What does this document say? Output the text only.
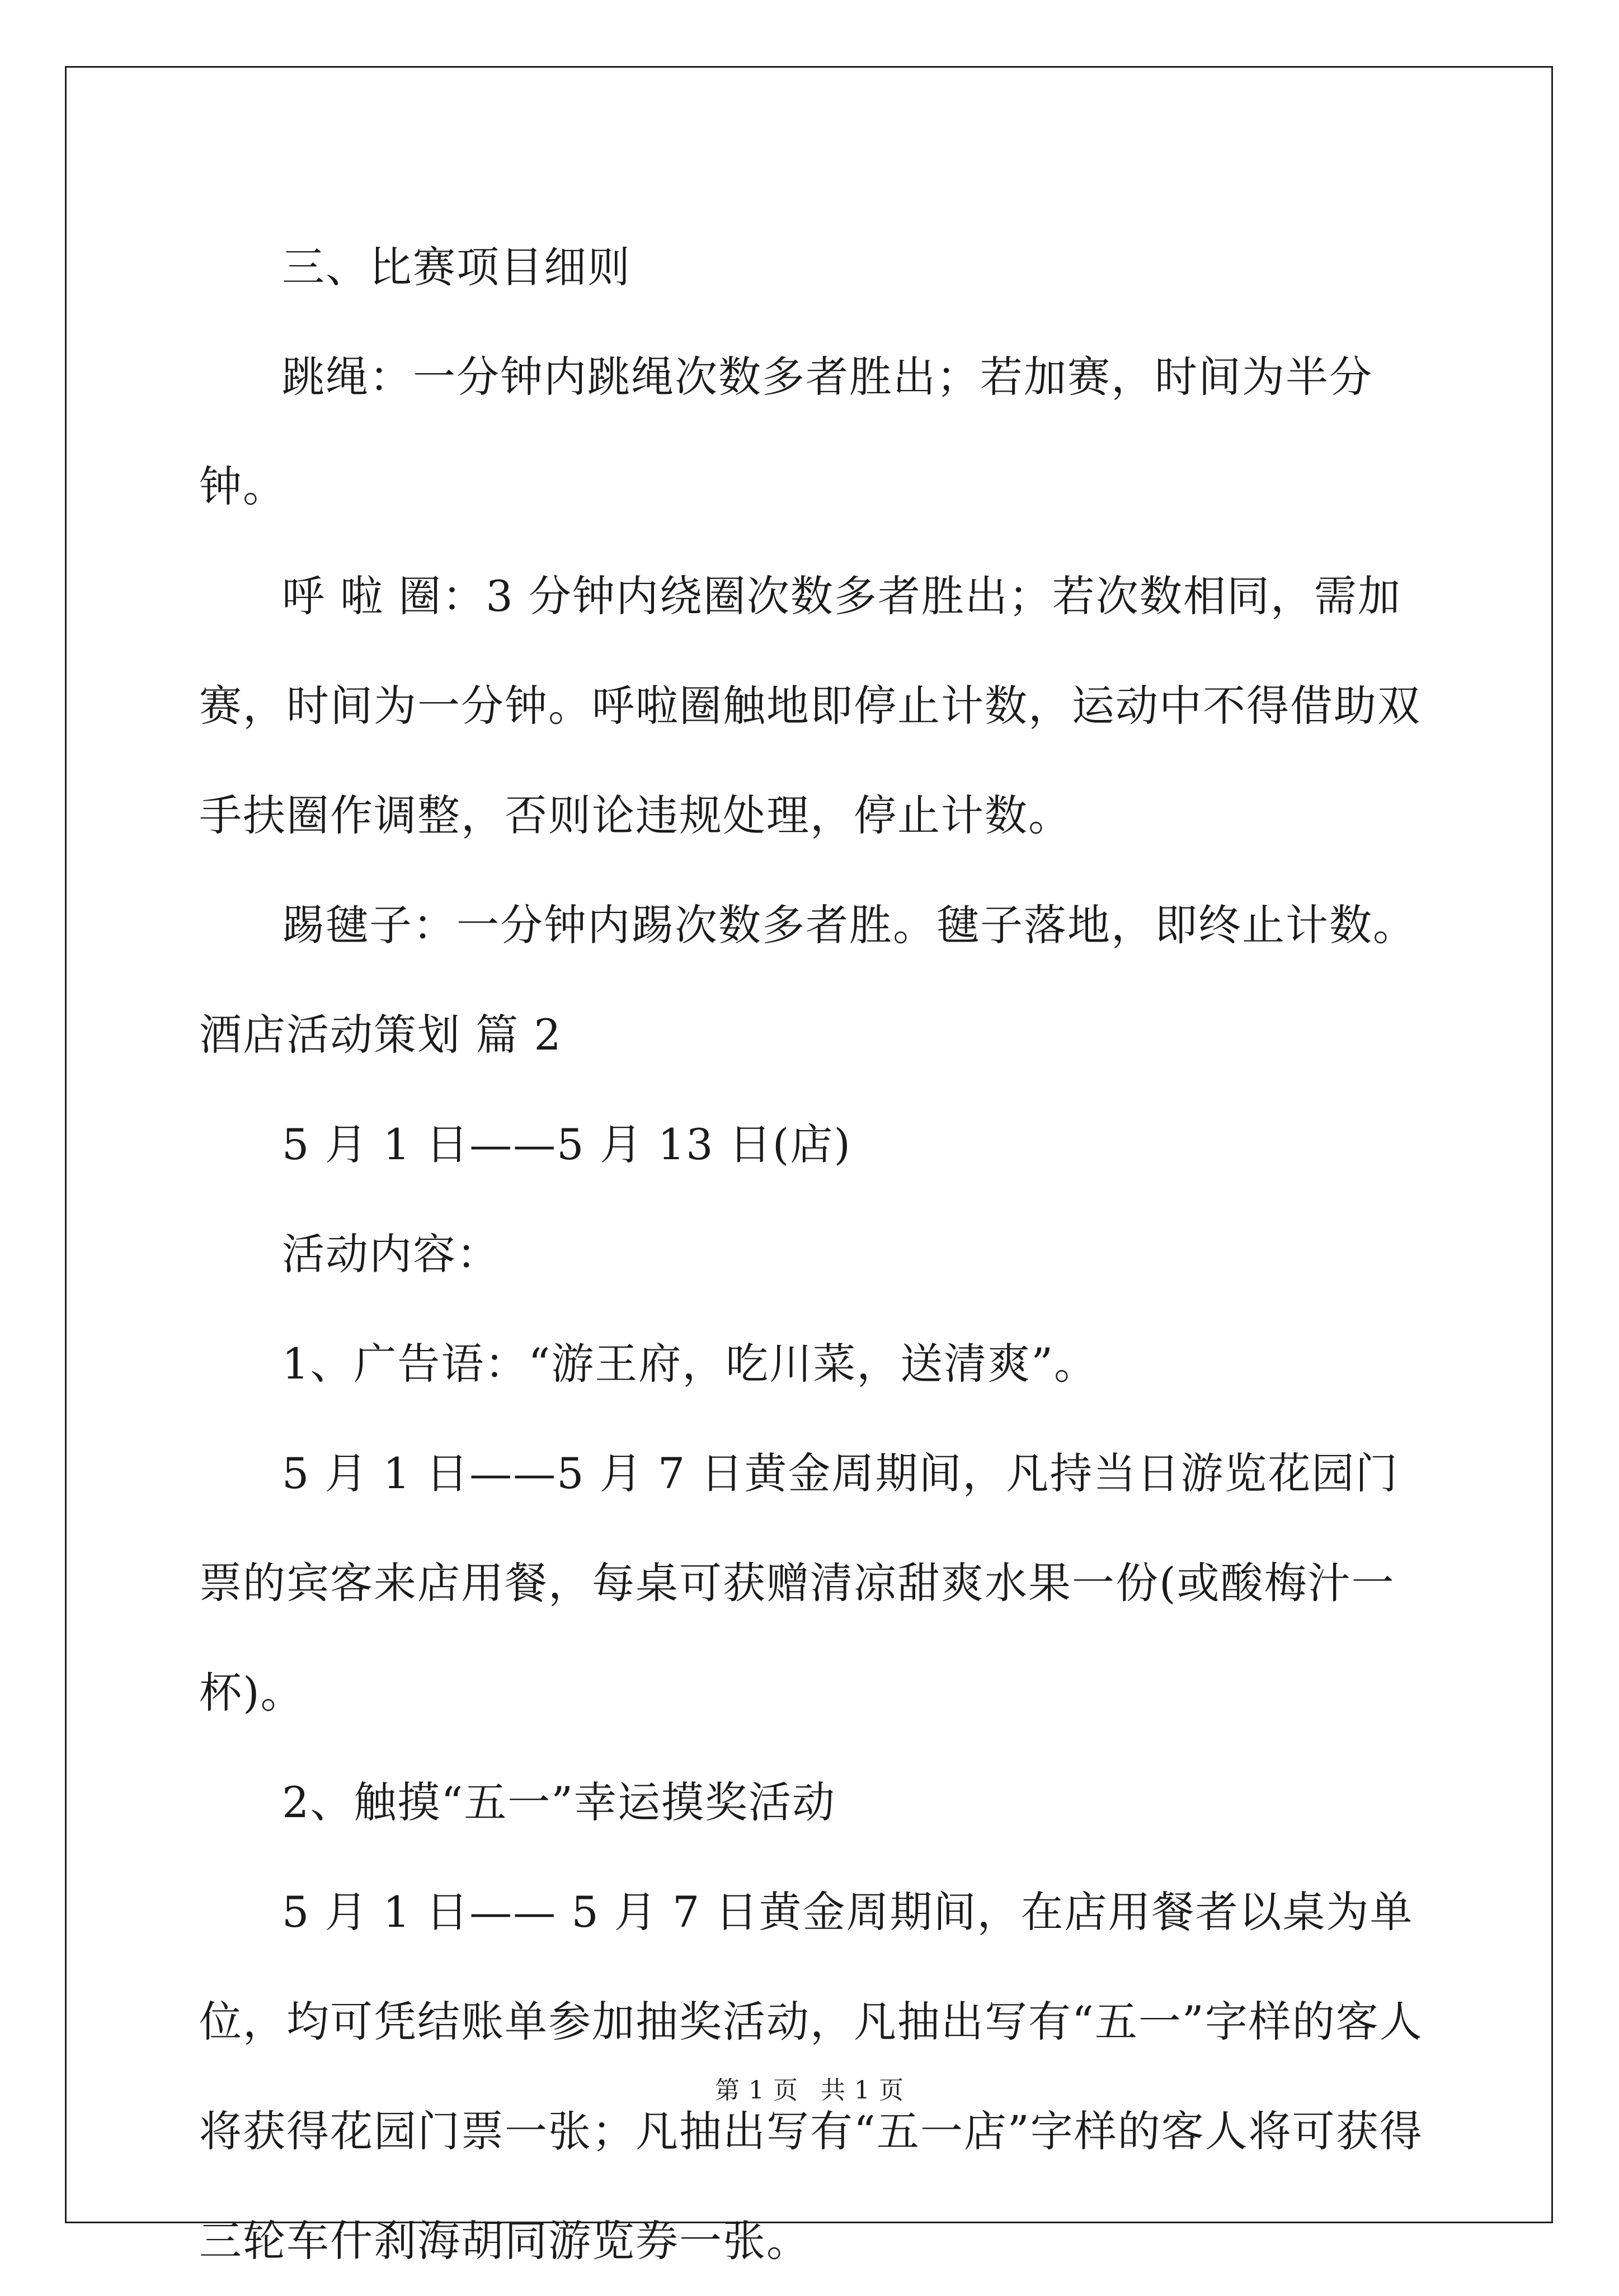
三、比赛项目细则

跳绳：一分钟内跳绳次数多者胜出；若加赛，时间为半分钟。

呼 啦 圈：3 分钟内绕圈次数多者胜出；若次数相同，需加赛，时间为一分钟。呼啦圈触地即停止计数，运动中不得借助双手扶圈作调整，否则论违规处理，停止计数。

踢毽子：一分钟内踢次数多者胜。毽子落地，即终止计数。

酒店活动策划 篇 2

5 月 1 日——5 月 13 日(店)

活动内容：

1、广告语：“游王府，吃川菜，送清爽”。

5 月 1 日——5 月 7 日黄金周期间，凡持当日游览花园门票的宾客来店用餐，每桌可获赠清凉甜爽水果一份(或酸梅汁一杯)。

2、触摸“五一”幸运摸奖活动

5 月 1 日—— 5 月 7 日黄金周期间，在店用餐者以桌为单位，均可凭结账单参加抽奖活动，凡抽出写有“五一”字样的客人将获得花园门票一张；凡抽出写有“五一店”字样的客人将可获得三轮车什刹海胡同游览券一张。

第 1 页 共 1 页
